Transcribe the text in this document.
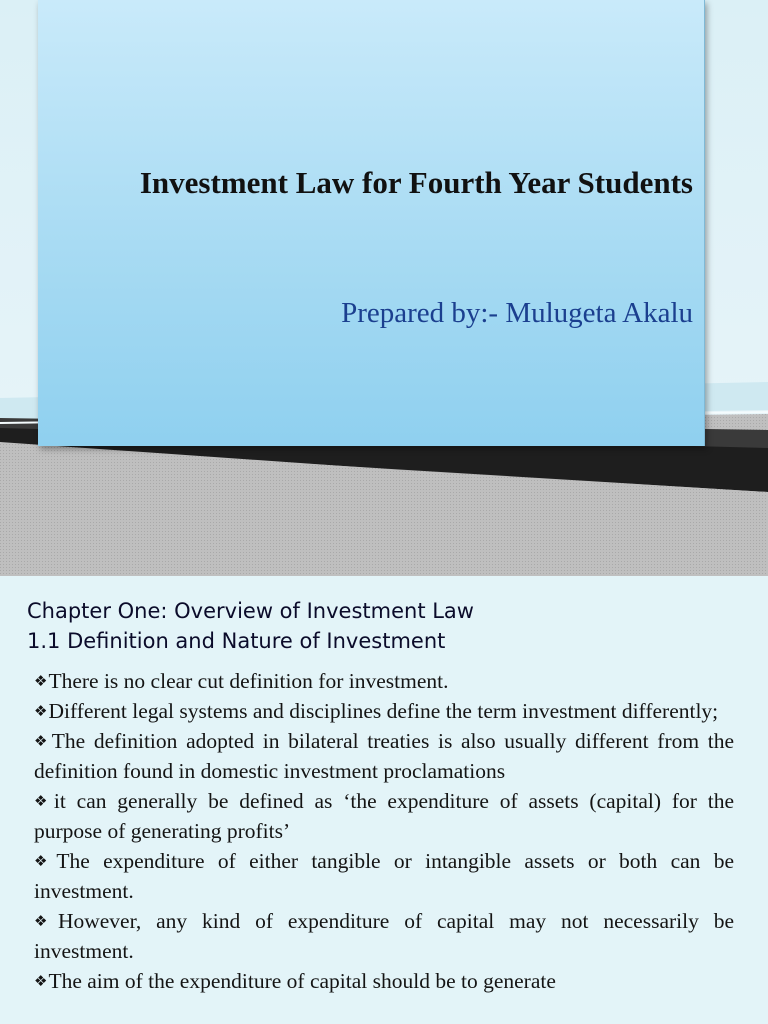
Investment Law for Fourth Year Students
Prepared by:- Mulugeta Akalu
Chapter One: Overview of Investment Law
1.1 Definition and Nature of Investment
❖There is no clear cut definition for investment.
❖Different legal systems and disciplines define the term investment differently;
❖The definition adopted in bilateral treaties is also usually different from the definition found in domestic investment proclamations
❖it can generally be defined as ‘the expenditure of assets (capital) for the purpose of generating profits’
❖The expenditure of either tangible or intangible assets or both can be investment.
❖However, any kind of expenditure of capital may not necessarily be investment.
❖The aim of the expenditure of capital should be to generate
